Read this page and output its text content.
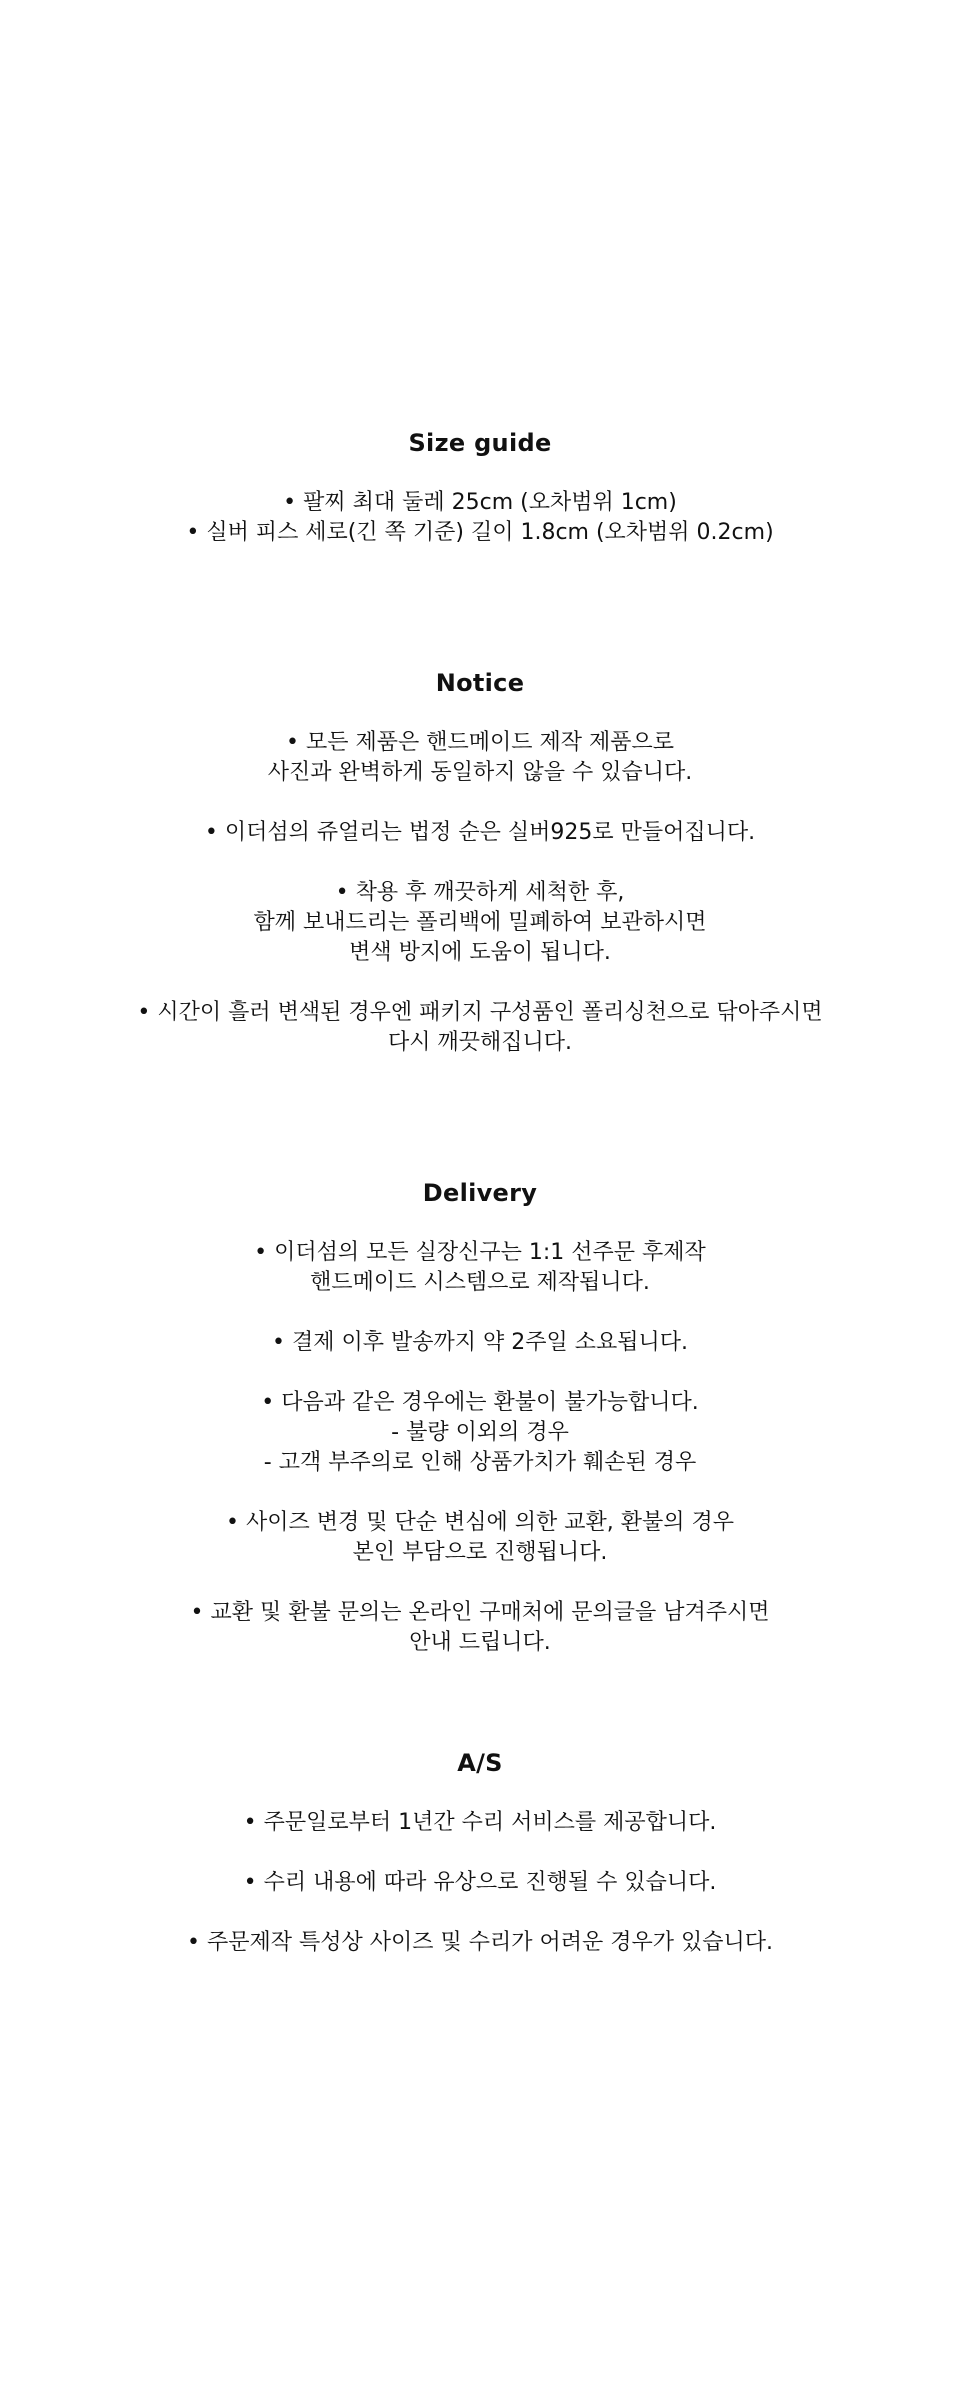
Size guide

• 팔찌 최대 둘레 25cm (오차범위 1cm)

• 실버 피스 세로(긴 쪽 기준) 길이 1.8cm (오차범위 0.2cm)

Notice

• 모든 제품은 핸드메이드 제작 제품으로

사진과 완벽하게 동일하지 않을 수 있습니다.

• 이더섬의 쥬얼리는 법정 순은 실버925로 만들어집니다.

• 착용 후 깨끗하게 세척한 후,

함께 보내드리는 폴리백에 밀폐하여 보관하시면

변색 방지에 도움이 됩니다.

• 시간이 흘러 변색된 경우엔 패키지 구성품인 폴리싱천으로 닦아주시면

다시 깨끗해집니다.

Delivery

• 이더섬의 모든 실장신구는 1:1 선주문 후제작

핸드메이드 시스템으로 제작됩니다.

• 결제 이후 발송까지 약 2주일 소요됩니다.

• 다음과 같은 경우에는 환불이 불가능합니다.

- 불량 이외의 경우

- 고객 부주의로 인해 상품가치가 훼손된 경우

• 사이즈 변경 및 단순 변심에 의한 교환, 환불의 경우

본인 부담으로 진행됩니다.

• 교환 및 환불 문의는 온라인 구매처에 문의글을 남겨주시면

안내 드립니다.

A/S

• 주문일로부터 1년간 수리 서비스를 제공합니다.

• 수리 내용에 따라 유상으로 진행될 수 있습니다.

• 주문제작 특성상 사이즈 및 수리가 어려운 경우가 있습니다.
